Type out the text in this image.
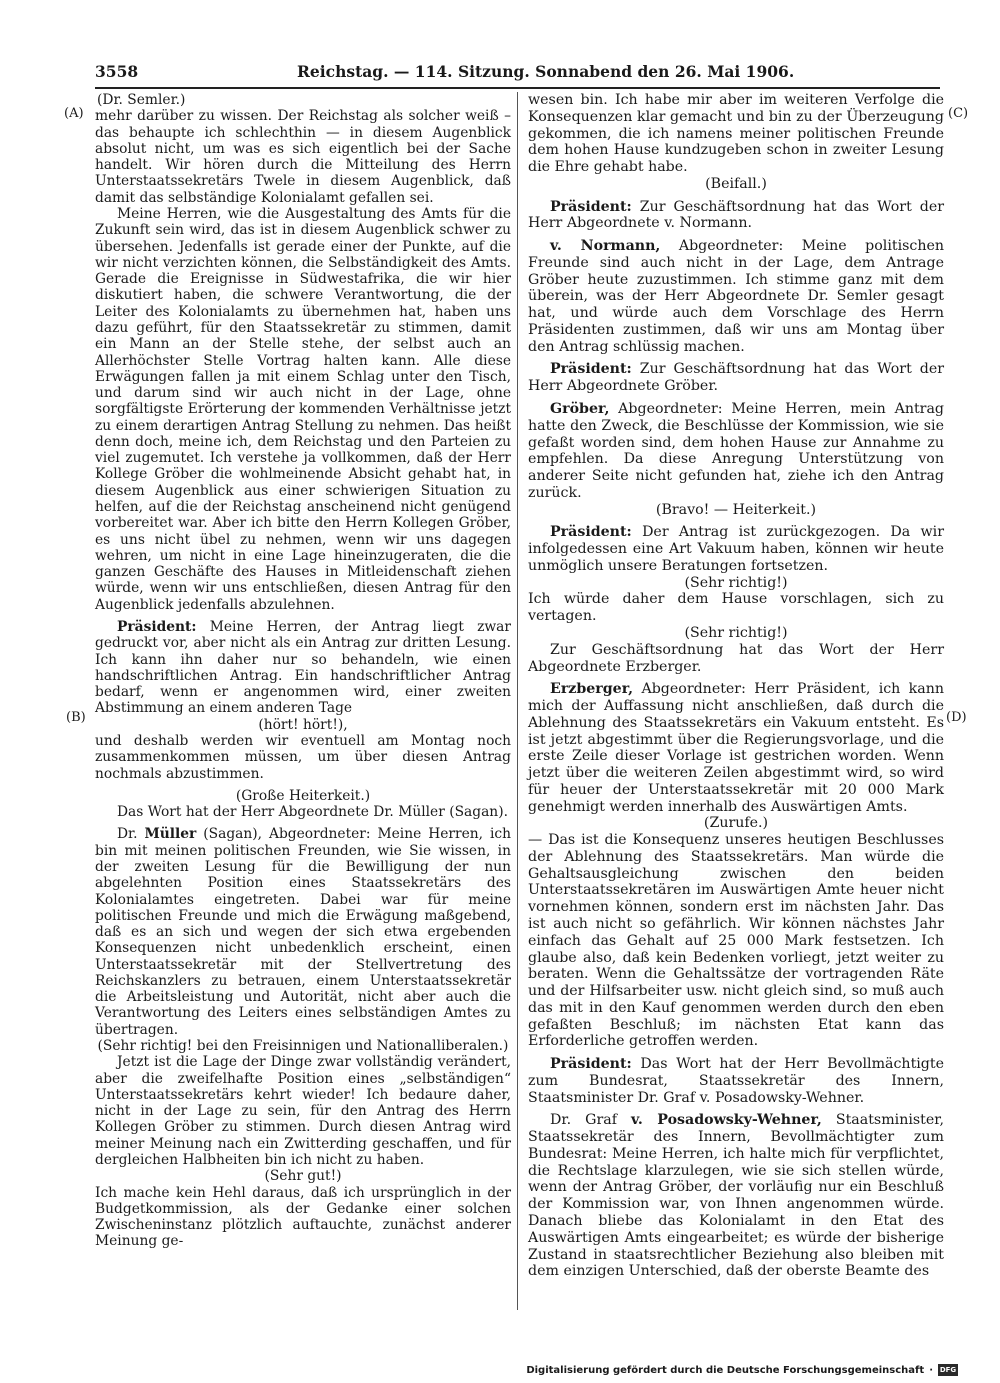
3558	Reichstag. — 114. Sitzung. Sonnabend den 26. Mai 1906.
(A)
(B)
(C)
(D)

(Dr. Semler.)

mehr darüber zu wissen. Der Reichstag als solcher weiß – das behaupte ich schlechthin — in diesem Augenblick absolut nicht, um was es sich eigentlich bei der Sache handelt. Wir hören durch die Mitteilung des Herrn Unterstaatssekretärs Twele in diesem Augenblick, daß damit das selbständige Kolonialamt gefallen sei.

Meine Herren, wie die Ausgestaltung des Amts für die Zukunft sein wird, das ist in diesem Augenblick schwer zu übersehen. Jedenfalls ist gerade einer der Punkte, auf die wir nicht verzichten können, die Selbständigkeit des Amts. Gerade die Ereignisse in Südwestafrika, die wir hier diskutiert haben, die schwere Verantwortung, die der Leiter des Kolonialamts zu übernehmen hat, haben uns dazu geführt, für den Staatssekretär zu stimmen, damit ein Mann an der Stelle stehe, der selbst auch an Allerhöchster Stelle Vortrag halten kann. Alle diese Erwägungen fallen ja mit einem Schlag unter den Tisch, und darum sind wir auch nicht in der Lage, ohne sorgfältigste Erörterung der kommenden Verhältnisse jetzt zu einem derartigen Antrag Stellung zu nehmen. Das heißt denn doch, meine ich, dem Reichstag und den Parteien zu viel zugemutet. Ich verstehe ja vollkommen, daß der Herr Kollege Gröber die wohlmeinende Absicht gehabt hat, in diesem Augenblick aus einer schwierigen Situation zu helfen, auf die der Reichstag anscheinend nicht genügend vorbereitet war. Aber ich bitte den Herrn Kollegen Gröber, es uns nicht übel zu nehmen, wenn wir uns dagegen wehren, um nicht in eine Lage hineinzugeraten, die die ganzen Geschäfte des Hauses in Mitleidenschaft ziehen würde, wenn wir uns entschließen, diesen Antrag für den Augenblick jedenfalls abzulehnen.

Präsident: Meine Herren, der Antrag liegt zwar gedruckt vor, aber nicht als ein Antrag zur dritten Lesung. Ich kann ihn daher nur so behandeln, wie einen handschriftlichen Antrag. Ein handschriftlicher Antrag bedarf, wenn er angenommen wird, einer zweiten Abstimmung an einem anderen Tage

(hört! hört!),

und deshalb werden wir eventuell am Montag noch zusammenkommen müssen, um über diesen Antrag nochmals abzustimmen.

(Große Heiterkeit.)

Das Wort hat der Herr Abgeordnete Dr. Müller (Sagan).

Dr. Müller (Sagan), Abgeordneter: Meine Herren, ich bin mit meinen politischen Freunden, wie Sie wissen, in der zweiten Lesung für die Bewilligung der nun abgelehnten Position eines Staatssekretärs des Kolonialamtes eingetreten. Dabei war für meine politischen Freunde und mich die Erwägung maßgebend, daß es an sich und wegen der sich etwa ergebenden Konsequenzen nicht unbedenklich erscheint, einen Unterstaatssekretär mit der Stellvertretung des Reichskanzlers zu betrauen, einem Unterstaatssekretär die Arbeitsleistung und Autorität, nicht aber auch die Verantwortung des Leiters eines selbständigen Amtes zu übertragen.

(Sehr richtig! bei den Freisinnigen und Nationalliberalen.)

Jetzt ist die Lage der Dinge zwar vollständig verändert, aber die zweifelhafte Position eines „selbständigen“ Unterstaatssekretärs kehrt wieder! Ich bedaure daher, nicht in der Lage zu sein, für den Antrag des Herrn Kollegen Gröber zu stimmen. Durch diesen Antrag wird meiner Meinung nach ein Zwitterding geschaffen, und für dergleichen Halbheiten bin ich nicht zu haben.

(Sehr gut!)

Ich mache kein Hehl daraus, daß ich ursprünglich in der Budgetkommission, als der Gedanke einer solchen Zwischeninstanz plötzlich auftauchte, zunächst anderer Meinung ge-

wesen bin. Ich habe mir aber im weiteren Verfolge die Konsequenzen klar gemacht und bin zu der Überzeugung gekommen, die ich namens meiner politischen Freunde dem hohen Hause kundzugeben schon in zweiter Lesung die Ehre gehabt habe.

(Beifall.)

Präsident: Zur Geschäftsordnung hat das Wort der Herr Abgeordnete v. Normann.

v. Normann, Abgeordneter: Meine politischen Freunde sind auch nicht in der Lage, dem Antrage Gröber heute zuzustimmen. Ich stimme ganz mit dem überein, was der Herr Abgeordnete Dr. Semler gesagt hat, und würde auch dem Vorschlage des Herrn Präsidenten zustimmen, daß wir uns am Montag über den Antrag schlüssig machen.

Präsident: Zur Geschäftsordnung hat das Wort der Herr Abgeordnete Gröber.

Gröber, Abgeordneter: Meine Herren, mein Antrag hatte den Zweck, die Beschlüsse der Kommission, wie sie gefaßt worden sind, dem hohen Hause zur Annahme zu empfehlen. Da diese Anregung Unterstützung von anderer Seite nicht gefunden hat, ziehe ich den Antrag zurück.

(Bravo! — Heiterkeit.)

Präsident: Der Antrag ist zurückgezogen. Da wir infolgedessen eine Art Vakuum haben, können wir heute unmöglich unsere Beratungen fortsetzen.

(Sehr richtig!)

Ich würde daher dem Hause vorschlagen, sich zu vertagen.

(Sehr richtig!)

Zur Geschäftsordnung hat das Wort der Herr Abgeordnete Erzberger.

Erzberger, Abgeordneter: Herr Präsident, ich kann mich der Auffassung nicht anschließen, daß durch die Ablehnung des Staatssekretärs ein Vakuum entsteht. Es ist jetzt abgestimmt über die Regierungsvorlage, und die erste Zeile dieser Vorlage ist gestrichen worden. Wenn jetzt über die weiteren Zeilen abgestimmt wird, so wird für heuer der Unterstaatssekretär mit 20 000 Mark genehmigt werden innerhalb des Auswärtigen Amts.

(Zurufe.)

— Das ist die Konsequenz unseres heutigen Beschlusses der Ablehnung des Staatssekretärs. Man würde die Gehaltsausgleichung zwischen den beiden Unterstaatssekretären im Auswärtigen Amte heuer nicht vornehmen können, sondern erst im nächsten Jahr. Das ist auch nicht so gefährlich. Wir können nächstes Jahr einfach das Gehalt auf 25 000 Mark festsetzen. Ich glaube also, daß kein Bedenken vorliegt, jetzt weiter zu beraten. Wenn die Gehaltssätze der vortragenden Räte und der Hilfsarbeiter usw. nicht gleich sind, so muß auch das mit in den Kauf genommen werden durch den eben gefaßten Beschluß; im nächsten Etat kann das Erforderliche getroffen werden.

Präsident: Das Wort hat der Herr Bevollmächtigte zum Bundesrat, Staatssekretär des Innern, Staatsminister Dr. Graf v. Posadowsky-Wehner.

Dr. Graf v. Posadowsky-Wehner, Staatsminister, Staatssekretär des Innern, Bevollmächtigter zum Bundesrat: Meine Herren, ich halte mich für verpflichtet, die Rechtslage klarzulegen, wie sie sich stellen würde, wenn der Antrag Gröber, der vorläufig nur ein Beschluß der Kommission war, von Ihnen angenommen würde. Danach bliebe das Kolonialamt in den Etat des Auswärtigen Amts eingearbeitet; es würde der bisherige Zustand in staatsrechtlicher Beziehung also bleiben mit dem einzigen Unterschied, daß der oberste Beamte des

Digitalisierung gefördert durch die Deutsche Forschungsgemeinschaft · DFG
